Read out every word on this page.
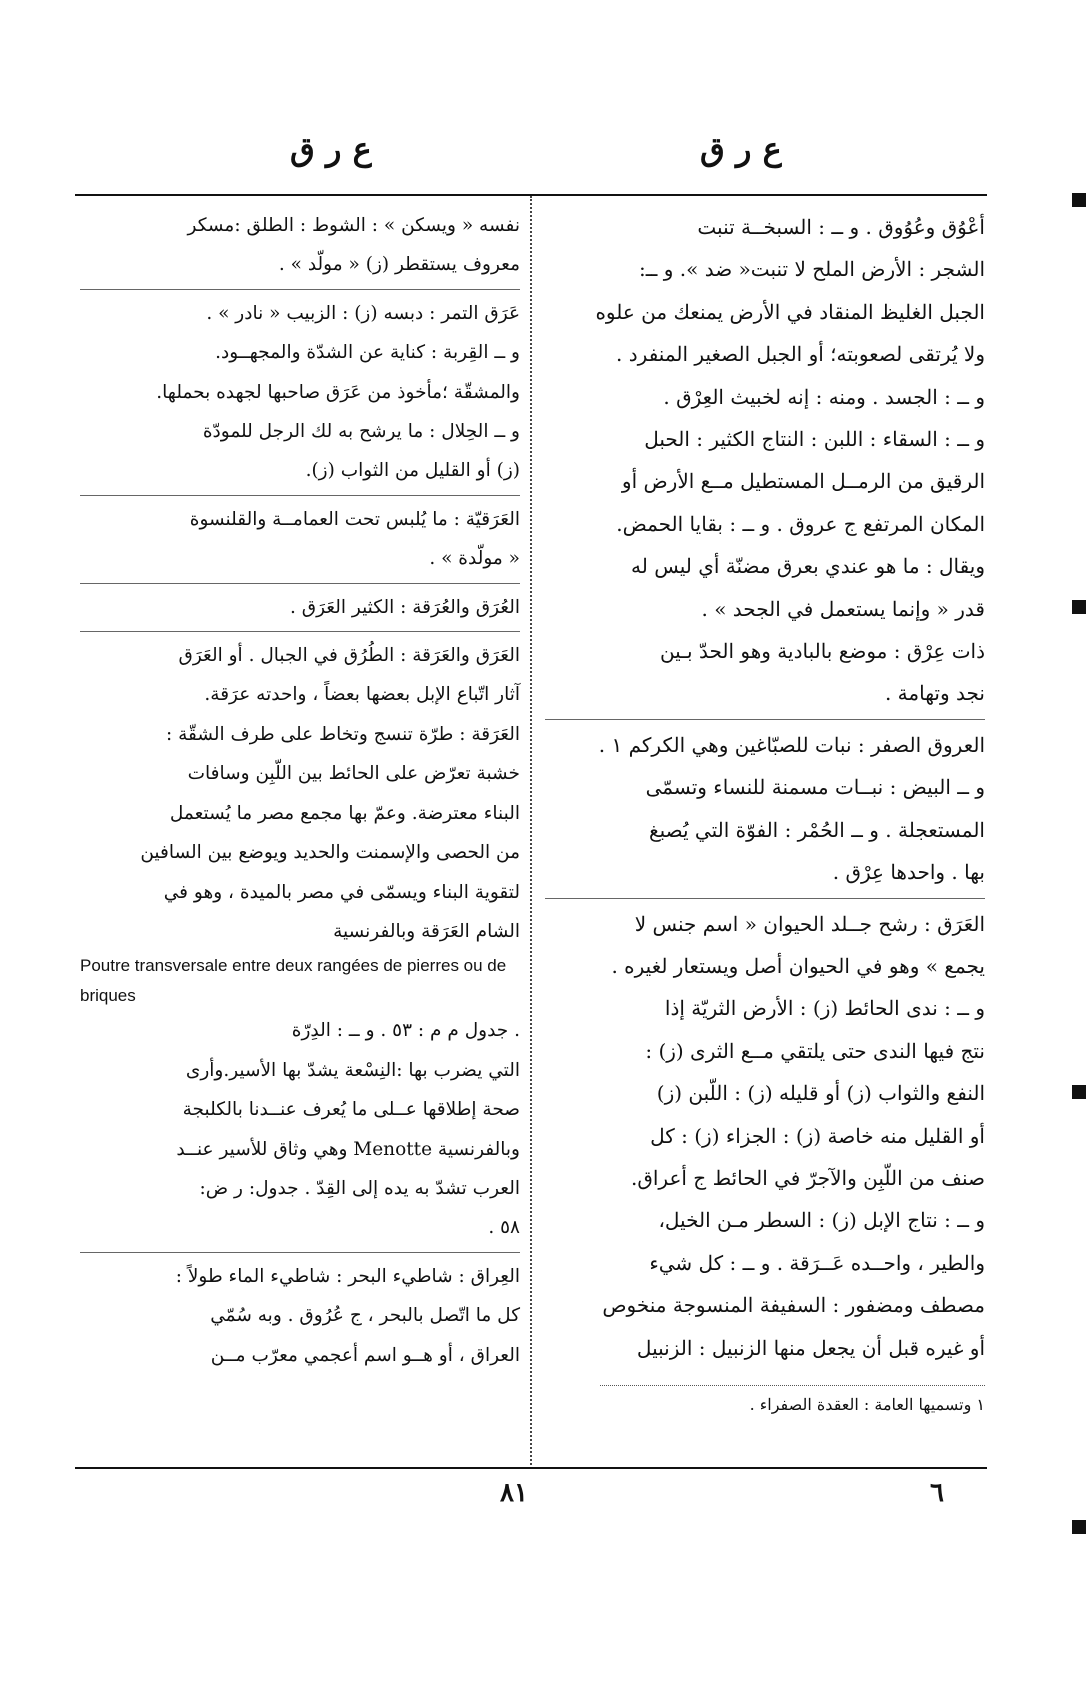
ع ر ق
ع ر ق

أعْوُق وعُوُوق . و ــ : السبخــة تنبت

الشجر : الأرض الملح لا تنبت« ضد ». و ــ:

الجبل الغليظ المنقاد في الأرض يمنعك من علوه

ولا يُرتقى لصعوبته؛ أو الجبل الصغير المنفرد .

و ــ : الجسد . ومنه : إنه لخبيث العِرْق .

و ــ : السقاء : اللبن : النتاج الكثير : الحبل

الرقيق من الرمــل المستطيل مــع الأرض أو

المكان المرتفع ج عروق . و ــ : بقايا الحمض.

ويقال : ما هو عندي بعرق مضنّة أي ليس له

قدر « وإنما يستعمل في الجحد » .

ذات عِرْق : موضع بالبادية وهو الحدّ بـين

نجد وتهامة .

العروق الصفر : نبات للصبّاغين وهي الكركم ١ .

و ــ البيض : نبــات مسمنة للنساء وتسمّى

المستعجلة . و ــ الحُمْر : الفوّة التي يُصبغ

بها . واحدها عِرْق .

العَرَق : رشح جــلد الحيوان « اسم جنس لا

يجمع » وهو في الحيوان أصل ويستعار لغيره .

و ــ : ندى الحائط (ز) : الأرض الثريّة إذا

نتج فيها الندى حتى يلتقي مــع الثرى (ز) :

النفع والثواب (ز) أو قليله (ز) : اللّبن (ز)

أو القليل منه خاصة (ز) : الجزاء (ز) : كل

صنف من اللّبِن والآجرّ في الحائط ج أعراق.

و ــ : نتاج الإبل (ز) : السطر مـن الخيل،

والطير ، واحــده عَــرَقة . و ــ : كل شيء

مصطف ومضفور : السفيفة المنسوجة منخوص

أو غيره قبل أن يجعل منها الزنبيل : الزنبيل

نفسه « ويسكن » : الشوط : الطلق :مسكر

معروف يستقطر (ز) « مولّد » .

عَرَق التمر : دبسه (ز) : الزبيب « نادر » .

و ــ القِربة : كناية عن الشدّة والمجهــود.

والمشقّة ؛مأخوذ من عَرَق صاحبها لجهده بحملها.

و ــ الحِلال : ما يرشح به لك الرجل للمودّة

(ز) أو القليل من الثواب (ز).

العَرَقيّة : ما يُلبس تحت العمامــة والقلنسوة

« مولّدة » .

العُرَق والعُرَقة : الكثير العَرَق .

العَرَق والعَرَقة : الطُرُق في الجبال . أو العَرَق

آثار اتّباع الإبل بعضها بعضاً ، واحدته عرَقة.

العَرَقة : طرّة تنسج وتخاط على طرف الشقّة :

خشبة تعرّض على الحائط بين اللّبِن وسافات

البناء معترضة. وعمّ بها مجمع مصر ما يُستعمل

من الحصى والإسمنت والحديد ويوضع بين السافين

لتقوية البناء ويسمّى في مصر بالميدة ، وهو في

الشام العَرَقة وبالفرنسية

Poutre transversale entre deux rangées de pierres ou de briques

. جدول م م : ٥٣ . و ــ : الدِرّة

التي يضرب بها :النِسْعة يشدّ بها الأسير.وأرى

صحة إطلاقها عــلى ما يُعرف عنــدنا بالكلبجة

وبالفرنسية Menotte وهي وثاق للأسير عنــد

العرب تشدّ به يده إلى القِدّ . جدول: ر ض:

٥٨ .

العِراق : شاطيء البحر : شاطيء الماء طولاً :

كل ما اتّصل بالبحر ، ج عُرُوق . وبه سُمّي

العراق ، أو هــو اسم أعجمي معرّب مــن

١ وتسميها العامة : العقدة الصفراء .
٦
٨١
